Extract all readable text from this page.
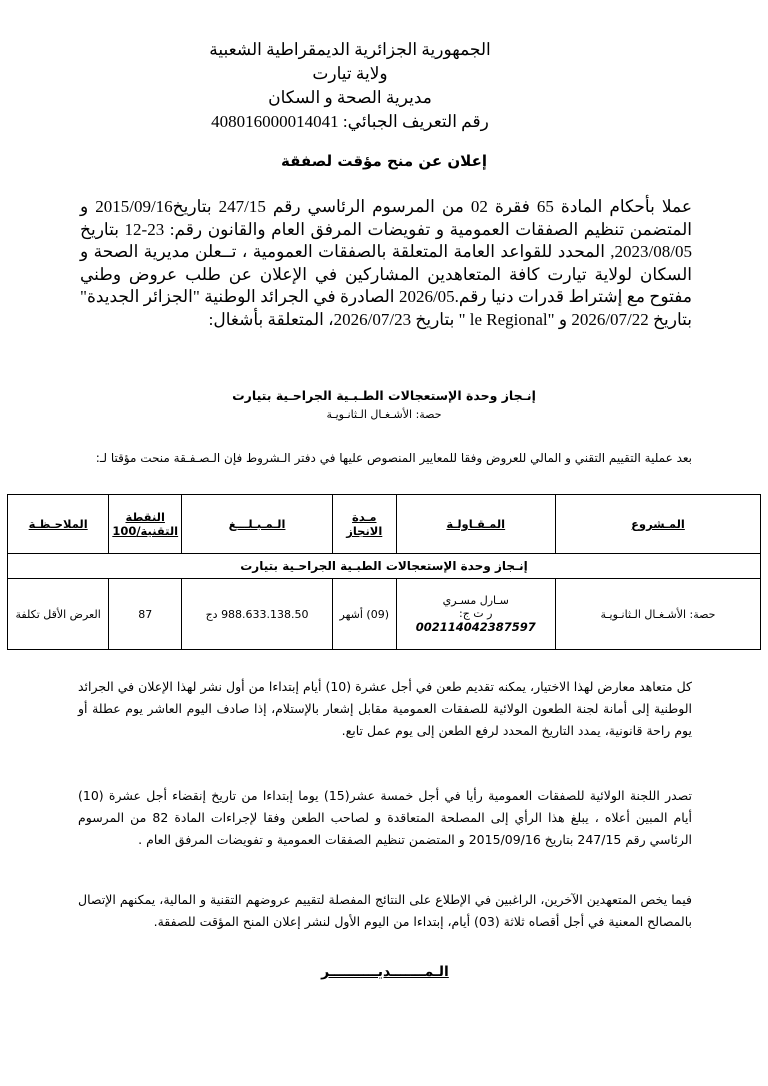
الجمهورية الجزائرية الديمقراطية الشعبية
ولاية تيارت
مديرية الصحة و السكان
رقم التعريف الجبائي: 408016000014041
إعلان عن منح مؤقت لصفقة
عملا بأحكام المادة 65 فقرة 02 من المرسوم الرئاسي رقم 247/15 بتاريخ2015/09/16 و المتضمن تنظيم الصفقات العمومية و تفويضات المرفق العام والقانون رقم: 23-12 بتاريخ 2023/08/05, المحدد للقواعد العامة المتعلقة بالصفقات العمومية ، تــعلن مديرية الصحة و السكان لولاية تيارت كافة المتعاهدين المشاركين في الإعلان عن طلب عروض وطني مفتوح مع إشتراط قدرات دنيا رقم.2026/05 الصادرة في الجرائد الوطنية "الجزائر الجديدة" بتاريخ 2026/07/22 و "le Regional " بتاريخ 2026/07/23، المتعلقة بأشغال:
إنـجاز وحدة الإستعجالات الطـبـية الجراحـية بتيارت
حصة: الأشـغـال الـثانـويـة
بعد عملية التقييم التقني و المالي للعروض وفقا للمعايير المنصوص عليها في دفتر الـشروط فإن الـصـفـقة منحت مؤقتا لـ:
المـشروع	المـقـاولـة	مـدة الانجاز	الـمـبـلـــغ	النقطة التقنية/100	الملاحـظـة
إنـجاز وحدة الإستعجالات الطبـية الجراحـية بتيارت					
حصة: الأشـغـال الـثانـويـة	سـارل مسـري
ر ت ج:
002114042387597	(09) أشهر	988.633.138.50 دج	87	العرض الأقل تكلفة
كل متعاهد معارض لهذا الاختيار، يمكنه تقديم طعن في أجل عشرة (10) أيام إبتداءا من أول نشر لهذا الإعلان في الجرائد الوطنية إلى أمانة لجنة الطعون الولائية للصفقات العمومية مقابل إشعار بالإستلام، إذا صادف اليوم العاشر يوم عطلة أو يوم راحة قانونية، يمدد التاريخ المحدد لرفع الطعن إلى يوم عمل تابع.
تصدر اللجنة الولائية للصفقات العمومية رأيا في أجل خمسة عشر(15) يوما إبتداءا من تاريخ إنقضاء أجل عشرة (10) أيام المبين أعلاه ، يبلغ هذا الرأي إلى المصلحة المتعاقدة و لصاحب الطعن وفقا لإجراءات المادة 82 من المرسوم الرئاسي رقم 247/15 بتاريخ 2015/09/16 و المتضمن تنظيم الصفقات العمومية و تفويضات المرفق العام .
فيما يخص المتعهدين الآخرين، الراغبين في الإطلاع على النتائج المفصلة لتقييم عروضهم التقنية و المالية، يمكنهم الإتصال بالمصالح المعنية في أجل أقصاه ثلاثة (03) أيام، إبتداءا من اليوم الأول لنشر إعلان المنح المؤقت للصفقة.
الـمـــــــديــــــــــر
